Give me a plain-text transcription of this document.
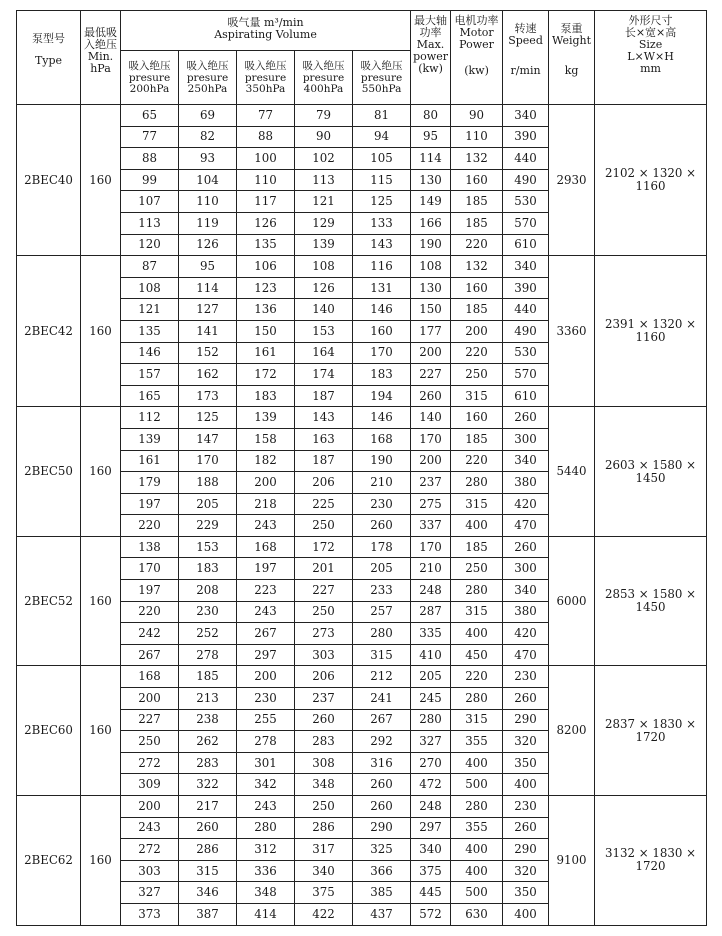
泵型号
Type	最低吸
入绝压
Min.
hPa	吸气量 m³/min
Aspirating Volume					最大轴
功率
Max.
power
(kw)	电机功率
Motor
Power
(kw)	转速
Speed
r/min	泵重
Weight
kg	外形尺寸
长×宽×高
Size
L×W×H
mm

		吸入绝压
presure
200hPa	吸入绝压
presure
250hPa	吸入绝压
presure
350hPa	吸入绝压
presure
400hPa	吸入绝压
presure
550hPa					

2BEC40	160	65	69	77	79	81	80	90	340	2930	2102 × 1320 × 1160
		77	82	88	90	94	95	110	390		
		88	93	100	102	105	114	132	440		
		99	104	110	113	115	130	160	490		
		107	110	117	121	125	149	185	530		
		113	119	126	129	133	166	185	570		
		120	126	135	139	143	190	220	610		
2BEC42	160	87	95	106	108	116	108	132	340	3360	2391 × 1320 × 1160
		108	114	123	126	131	130	160	390		
		121	127	136	140	146	150	185	440		
		135	141	150	153	160	177	200	490		
		146	152	161	164	170	200	220	530		
		157	162	172	174	183	227	250	570		
		165	173	183	187	194	260	315	610		
2BEC50	160	112	125	139	143	146	140	160	260	5440	2603 × 1580 × 1450
		139	147	158	163	168	170	185	300		
		161	170	182	187	190	200	220	340		
		179	188	200	206	210	237	280	380		
		197	205	218	225	230	275	315	420		
		220	229	243	250	260	337	400	470		
2BEC52	160	138	153	168	172	178	170	185	260	6000	2853 × 1580 × 1450
		170	183	197	201	205	210	250	300		
		197	208	223	227	233	248	280	340		
		220	230	243	250	257	287	315	380		
		242	252	267	273	280	335	400	420		
		267	278	297	303	315	410	450	470		
2BEC60	160	168	185	200	206	212	205	220	230	8200	2837 × 1830 × 1720
		200	213	230	237	241	245	280	260		
		227	238	255	260	267	280	315	290		
		250	262	278	283	292	327	355	320		
		272	283	301	308	316	270	400	350		
		309	322	342	348	260	472	500	400		
2BEC62	160	200	217	243	250	260	248	280	230	9100	3132 × 1830 × 1720
		243	260	280	286	290	297	355	260		
		272	286	312	317	325	340	400	290		
		303	315	336	340	366	375	400	320		
		327	346	348	375	385	445	500	350		
		373	387	414	422	437	572	630	400		
